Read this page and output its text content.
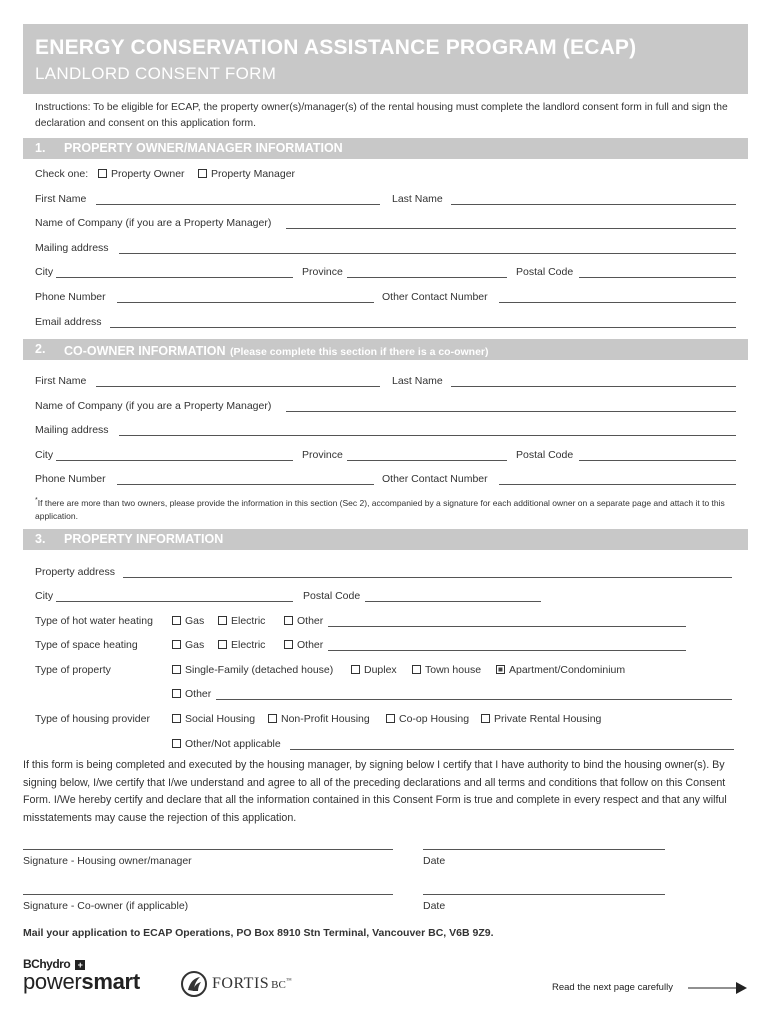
ENERGY CONSERVATION ASSISTANCE PROGRAM (ECAP)
LANDLORD CONSENT FORM
Instructions: To be eligible for ECAP, the property owner(s)/manager(s) of the rental housing must complete the landlord consent form in full and sign the declaration and consent on this application form.
1. PROPERTY OWNER/MANAGER INFORMATION
Check one:	Property Owner	Property Manager
First Name	Last Name
Name of Company (if you are a Property Manager)
Mailing address
City	Province	Postal Code
Phone Number	Other Contact Number
Email address
2. CO-OWNER INFORMATION (Please complete this section if there is a co-owner)
First Name	Last Name
Name of Company (if you are a Property Manager)
Mailing address
City	Province	Postal Code
Phone Number	Other Contact Number
*If there are more than two owners, please provide the information in this section (Sec 2), accompanied by a signature for each additional owner on a separate page and attach it to this application.
3. PROPERTY INFORMATION
Property address
City	Postal Code
Type of hot water heating	Gas	Electric	Other
Type of space heating	Gas	Electric	Other
Type of property	Single-Family (detached house)	Duplex	Town house	Apartment/Condominium
Other
Type of housing provider	Social Housing	Non-Profit Housing	Co-op Housing	Private Rental Housing
Other/Not applicable
If this form is being completed and executed by the housing manager, by signing below I certify that I have authority to bind the housing owner(s). By signing below, I/we certify that I/we understand and agree to all of the preceding declarations and all terms and conditions that follow on this Consent Form. I/We hereby certify and declare that all the information contained in this Consent Form is true and complete in every respect and that any wilful misstatements may cause the rejection of this application.
Signature - Housing owner/manager	Date
Signature - Co-owner (if applicable)	Date
Mail your application to ECAP Operations, PO Box 8910 Stn Terminal, Vancouver BC, V6B 9Z9.
BChydro +
powersmart	FORTIS BC™
Read the next page carefully
